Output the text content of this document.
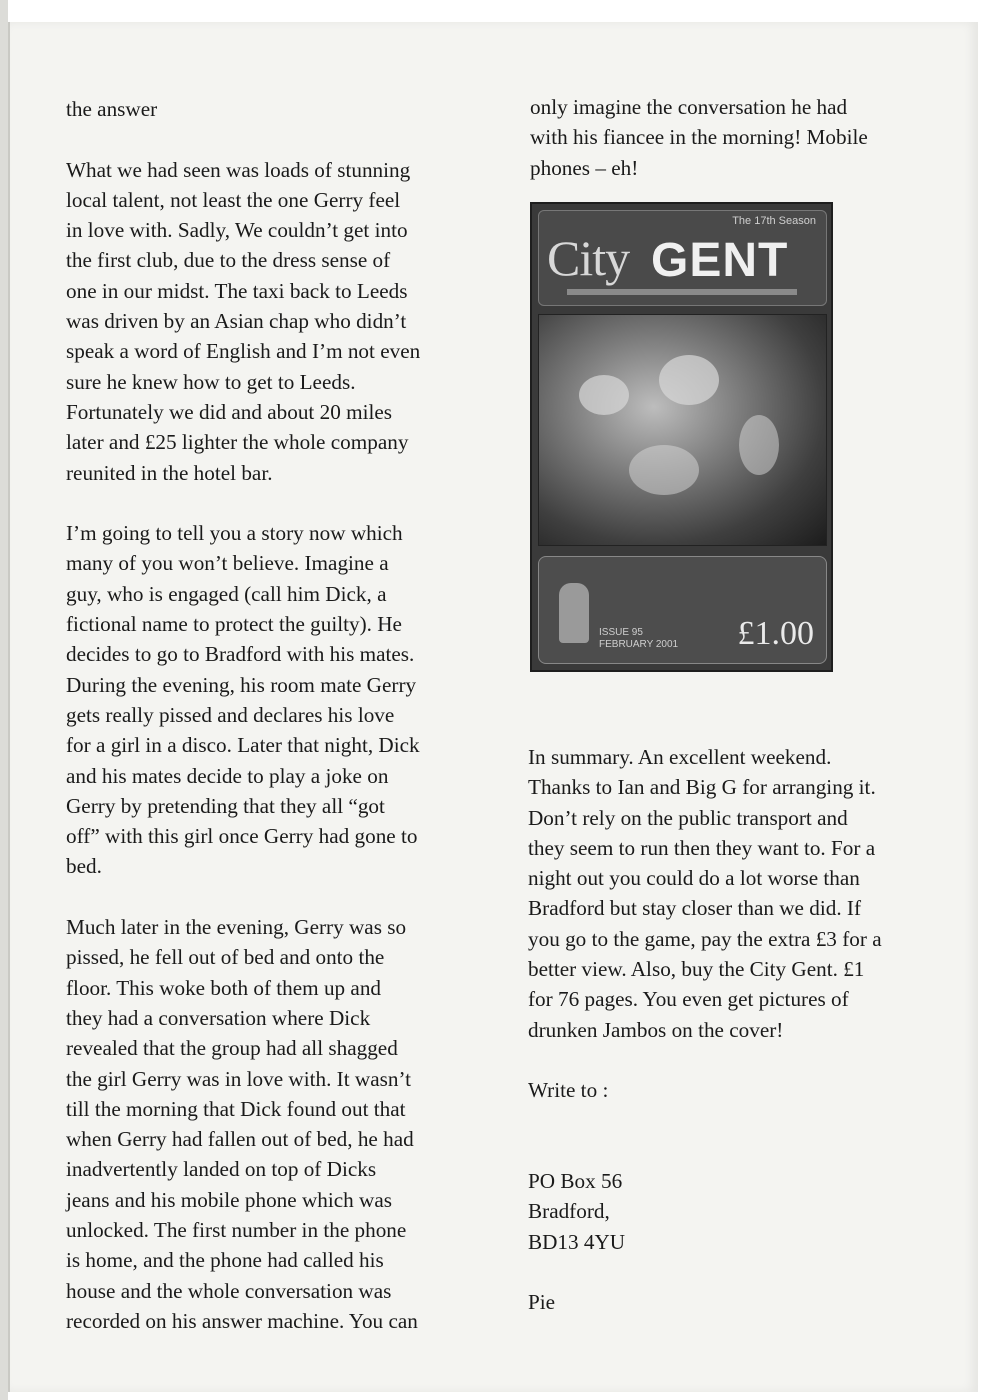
the answer

What we had seen was loads of stunning

local talent, not least the one Gerry feel

in love with. Sadly, We couldn’t get into

the first club, due to the dress sense of

one in our midst. The taxi back to Leeds

was driven by an Asian chap who didn’t

speak a word of English and I’m not even

sure he knew how to get to Leeds.

Fortunately we did and about 20 miles

later and £25 lighter the whole company

reunited in the hotel bar.

I’m going to tell you a story now which

many of you won’t believe. Imagine a

guy, who is engaged (call him Dick, a

fictional name to protect the guilty). He

decides to go to Bradford with his mates.

During the evening, his room mate Gerry

gets really pissed and declares his love

for a girl in a disco. Later that night, Dick

and his mates decide to play a joke on

Gerry by pretending that they all “got

off” with this girl once Gerry had gone to

bed.

Much later in the evening, Gerry was so

pissed, he fell out of bed and onto the

floor. This woke both of them up and

they had a conversation where Dick

revealed that the group had all shagged

the girl Gerry was in love with. It wasn’t

till the morning that Dick found out that

when Gerry had fallen out of bed, he had

inadvertently landed on top of Dicks

jeans and his mobile phone which was

unlocked. The first number in the phone

is home, and the phone had called his

house and the whole conversation was

recorded on his answer machine. You can

only imagine the conversation he had

with his fiancee in the morning! Mobile

phones – eh!

The 17th Season
City GENT
ISSUE 95
FEBRUARY 2001 £1.00

In summary. An excellent weekend.

Thanks to Ian and Big G for arranging it.

Don’t rely on the public transport and

they seem to run then they want to. For a

night out you could do a lot worse than

Bradford but stay closer than we did. If

you go to the game, pay the extra £3 for a

better view. Also, buy the City Gent. £1

for 76 pages. You even get pictures of

drunken Jambos on the cover!

Write to :

PO Box 56

Bradford,

BD13 4YU

Pie
